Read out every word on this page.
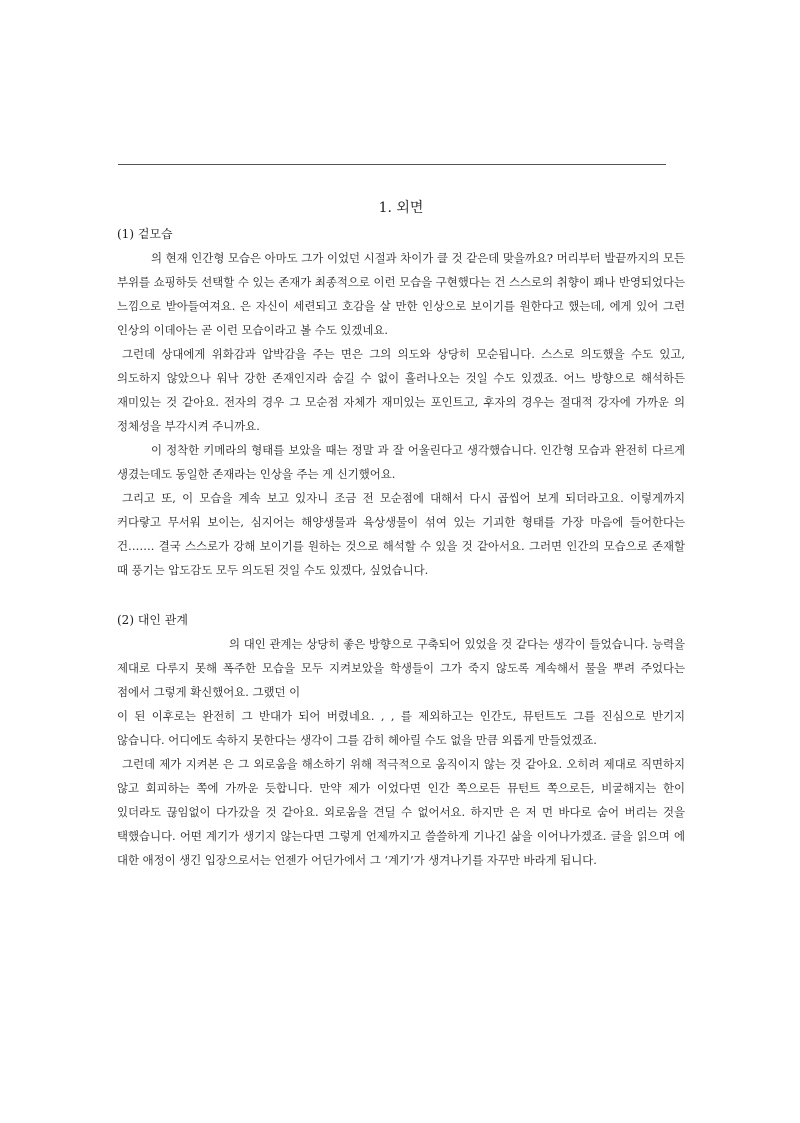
1. 외면
(1) 겉모습

의 현재 인간형 모습은 아마도 그가 이었던 시절과 차이가 클 것 같은데 맞을까요? 머리부터 발끝까지의 모든 부위를 쇼핑하듯 선택할 수 있는 존재가 최종적으로 이런 모습을 구현했다는 건 스스로의 취향이 꽤나 반영되었다는 느낌으로 받아들여져요. 은 자신이 세련되고 호감을 살 만한 인상으로 보이기를 원한다고 했는데, 에게 있어 그런 인상의 이데아는 곧 이런 모습이라고 볼 수도 있겠네요.

그런데 상대에게 위화감과 압박감을 주는 면은 그의 의도와 상당히 모순됩니다. 스스로 의도했을 수도 있고, 의도하지 않았으나 워낙 강한 존재인지라 숨길 수 없이 흘러나오는 것일 수도 있겠죠. 어느 방향으로 해석하든 재미있는 것 같아요. 전자의 경우 그 모순점 자체가 재미있는 포인트고, 후자의 경우는 절대적 강자에 가까운 의 정체성을 부각시켜 주니까요.

이 정착한 키메라의 형태를 보았을 때는 정말 과 잘 어울린다고 생각했습니다. 인간형 모습과 완전히 다르게 생겼는데도 동일한 존재라는 인상을 주는 게 신기했어요.

그리고 또, 이 모습을 계속 보고 있자니 조금 전 모순점에 대해서 다시 곱씹어 보게 되더라고요. 이렇게까지 커다랗고 무서워 보이는, 심지어는 해양생물과 육상생물이 섞여 있는 기괴한 형태를 가장 마음에 들어한다는 건……. 결국 스스로가 강해 보이기를 원하는 것으로 해석할 수 있을 것 같아서요. 그러면 인간의 모습으로 존재할 때 풍기는 압도감도 모두 의도된 것일 수도 있겠다, 싶었습니다.

(2) 대인 관계

의 대인 관계는 상당히 좋은 방향으로 구축되어 있었을 것 같다는 생각이 들었습니다. 능력을 제대로 다루지 못해 폭주한 모습을 모두 지켜보았을 학생들이 그가 죽지 않도록 계속해서 물을 뿌려 주었다는 점에서 그렇게 확신했어요. 그랬던 이

이 된 이후로는 완전히 그 반대가 되어 버렸네요. , , 를 제외하고는 인간도, 뮤턴트도 그를 진심으로 반기지 않습니다. 어디에도 속하지 못한다는 생각이 그를 감히 헤아릴 수도 없을 만큼 외롭게 만들었겠죠.

그런데 제가 지켜본 은 그 외로움을 해소하기 위해 적극적으로 움직이지 않는 것 같아요. 오히려 제대로 직면하지 않고 회피하는 쪽에 가까운 듯합니다. 만약 제가 이었다면 인간 쪽으로든 뮤턴트 쪽으로든, 비굴해지는 한이 있더라도 끊임없이 다가갔을 것 같아요. 외로움을 견딜 수 없어서요. 하지만 은 저 먼 바다로 숨어 버리는 것을 택했습니다. 어떤 계기가 생기지 않는다면 그렇게 언제까지고 쓸쓸하게 기나긴 삶을 이어나가겠죠. 글을 읽으며 에 대한 애정이 생긴 입장으로서는 언젠가 어딘가에서 그 ‘계기’가 생겨나기를 자꾸만 바라게 됩니다.
